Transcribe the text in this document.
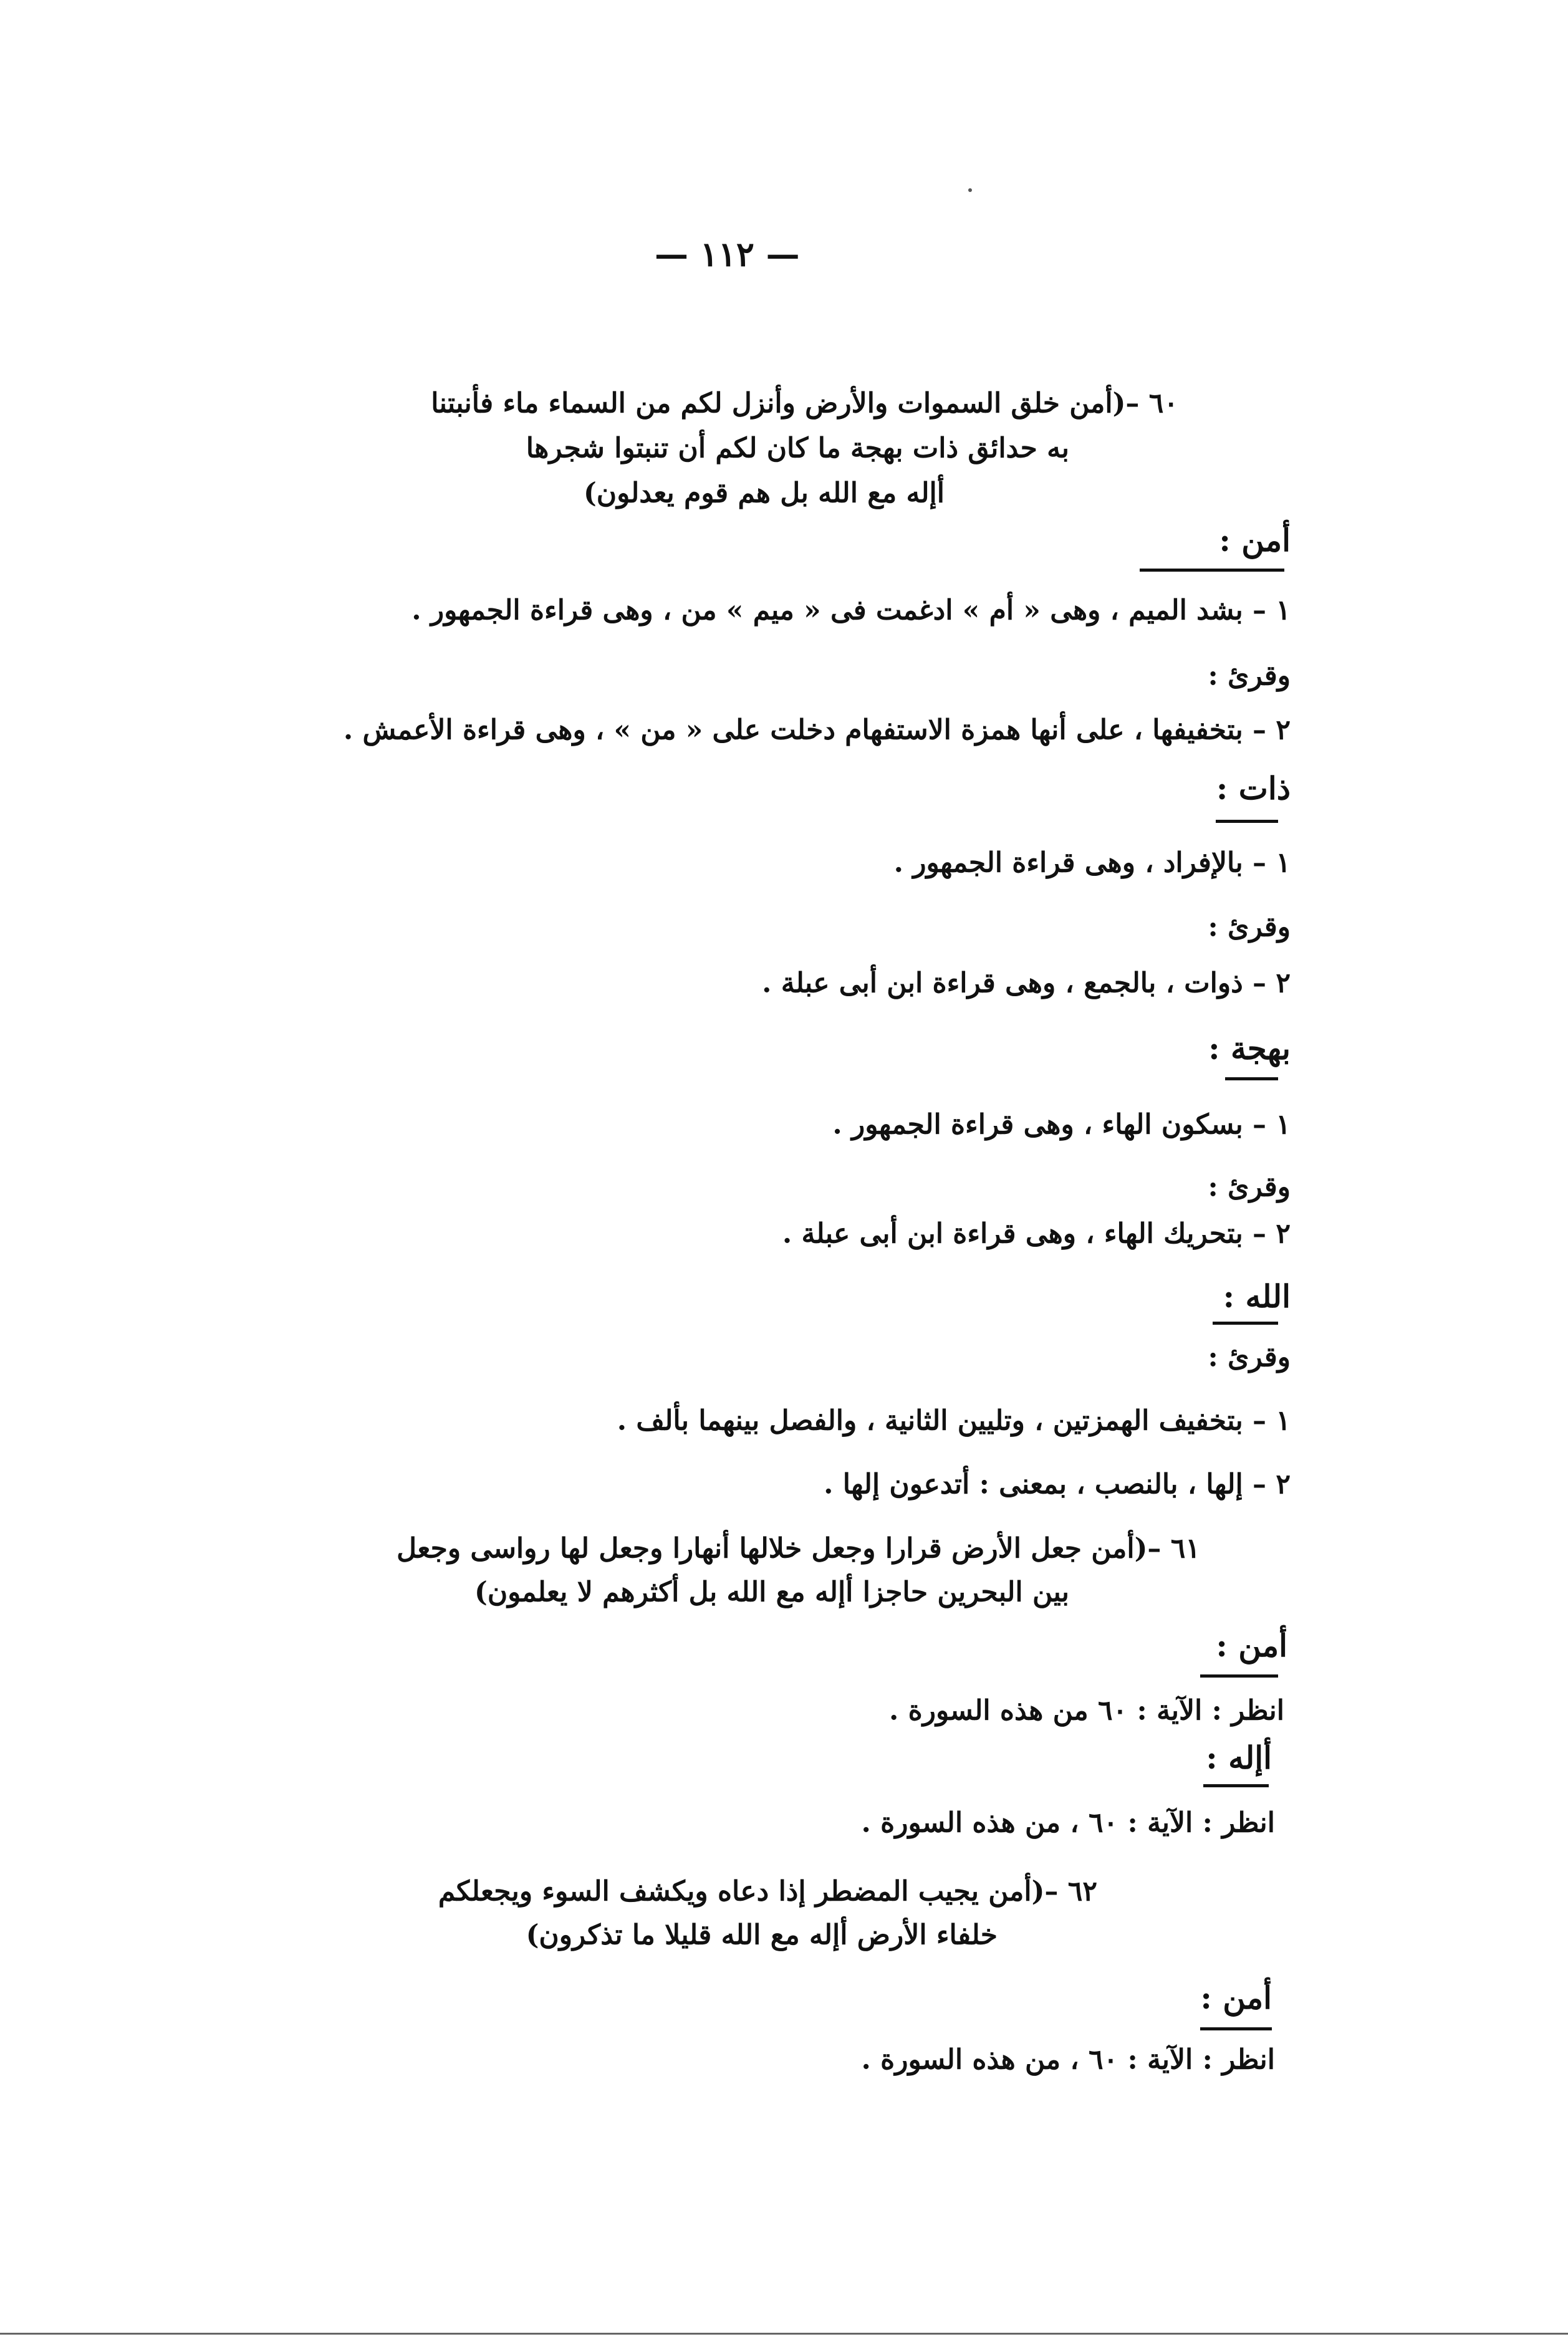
— ١١٢ —
٦٠ –(أمن خلق السموات والأرض وأنزل لكم من السماء ماء فأنبتنا
به حدائق ذات بهجة ما كان لكم أن تنبتوا شجرها
أإله مع الله بل هم قوم يعدلون)
أمن :
١ – بشد الميم ، وهى « أم » ادغمت فى « ميم » من ، وهى قراءة الجمهور .
وقرئ :
٢ – بتخفيفها ، على أنها همزة الاستفهام دخلت على « من » ، وهى قراءة الأعمش .
ذات :
١ – بالإفراد ، وهى قراءة الجمهور .
وقرئ :
٢ – ذوات ، بالجمع ، وهى قراءة ابن أبى عبلة .
بهجة :
١ – بسكون الهاء ، وهى قراءة الجمهور .
وقرئ :
٢ – بتحريك الهاء ، وهى قراءة ابن أبى عبلة .
الله :
وقرئ :
١ – بتخفيف الهمزتين ، وتليين الثانية ، والفصل بينهما بألف .
٢ – إلها ، بالنصب ، بمعنى : أتدعون إلها .
٦١ –(أمن جعل الأرض قرارا وجعل خلالها أنهارا وجعل لها رواسى وجعل
بين البحرين حاجزا أإله مع الله بل أكثرهم لا يعلمون)
أمن :
انظر : الآية : ٦٠ من هذه السورة .
أإله :
انظر : الآية : ٦٠ ، من هذه السورة .
٦٢ –(أمن يجيب المضطر إذا دعاه ويكشف السوء ويجعلكم
خلفاء الأرض أإله مع الله قليلا ما تذكرون)
أمن :
انظر : الآية : ٦٠ ، من هذه السورة .
